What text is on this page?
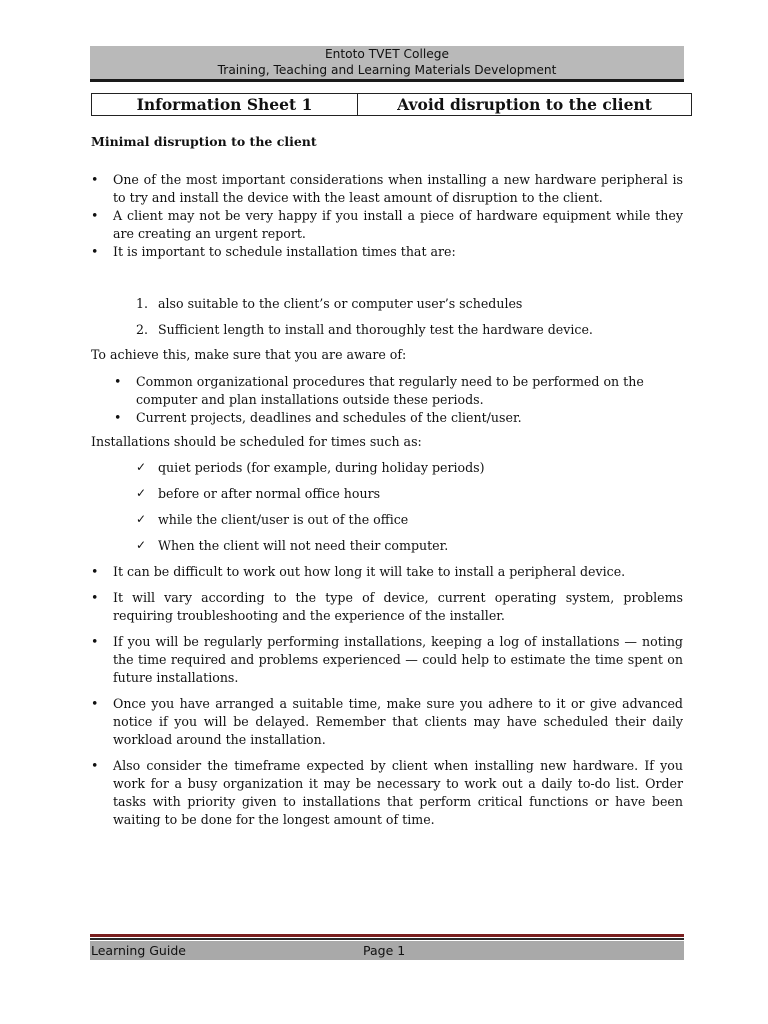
Entoto TVET College
Training, Teaching and Learning Materials Development
Information Sheet 1	Avoid disruption to the client
Minimal disruption to the client
• One of the most important considerations when installing a new hardware peripheral is to try and install the device with the least amount of disruption to the client.
• A client may not be very happy if you install a piece of hardware equipment while they are creating an urgent report.
• It is important to schedule installation times that are:
1. also suitable to the client’s or computer user’s schedules
2. Sufficient length to install and thoroughly test the hardware device.
To achieve this, make sure that you are aware of:
• Common organizational procedures that regularly need to be performed on the computer and plan installations outside these periods.
• Current projects, deadlines and schedules of the client/user.
Installations should be scheduled for times such as:
✓ quiet periods (for example, during holiday periods)
✓ before or after normal office hours
✓ while the client/user is out of the office
✓ When the client will not need their computer.
• It can be difficult to work out how long it will take to install a peripheral device.
• It will vary according to the type of device, current operating system, problems requiring troubleshooting and the experience of the installer.
• If you will be regularly performing installations, keeping a log of installations — noting the time required and problems experienced — could help to estimate the time spent on future installations.
• Once you have arranged a suitable time, make sure you adhere to it or give advanced notice if you will be delayed. Remember that clients may have scheduled their daily workload around the installation.
• Also consider the timeframe expected by client when installing new hardware. If you work for a busy organization it may be necessary to work out a daily to-do list. Order tasks with priority given to installations that perform critical functions or have been waiting to be done for the longest amount of time.
Learning Guide	Page 1
